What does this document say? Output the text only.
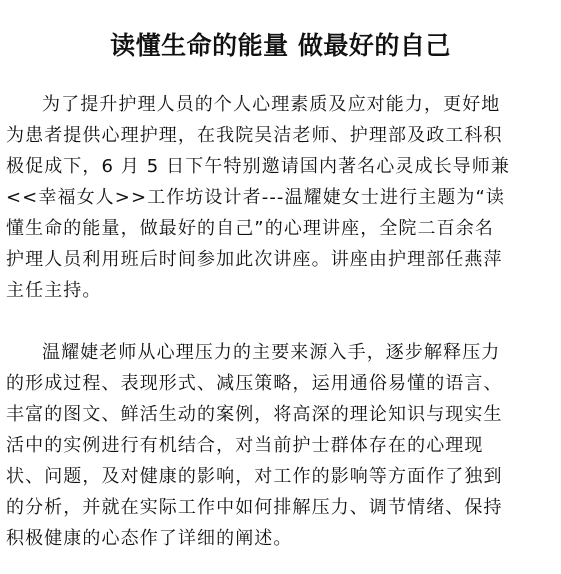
读懂生命的能量 做最好的自己
为了提升护理人员的个人心理素质及应对能力，更好地
为患者提供心理护理，在我院吴洁老师、护理部及政工科积
极促成下，6 月 5 日下午特别邀请国内著名心灵成长导师兼
<<幸福女人>>工作坊设计者---温耀婕女士进行主题为“读
懂生命的能量，做最好的自己”的心理讲座，全院二百余名
护理人员利用班后时间参加此次讲座。讲座由护理部任燕萍
主任主持。
温耀婕老师从心理压力的主要来源入手，逐步解释压力
的形成过程、表现形式、减压策略，运用通俗易懂的语言、
丰富的图文、鲜活生动的案例，将高深的理论知识与现实生
活中的实例进行有机结合，对当前护士群体存在的心理现
状、问题，及对健康的影响，对工作的影响等方面作了独到
的分析，并就在实际工作中如何排解压力、调节情绪、保持
积极健康的心态作了详细的阐述。
